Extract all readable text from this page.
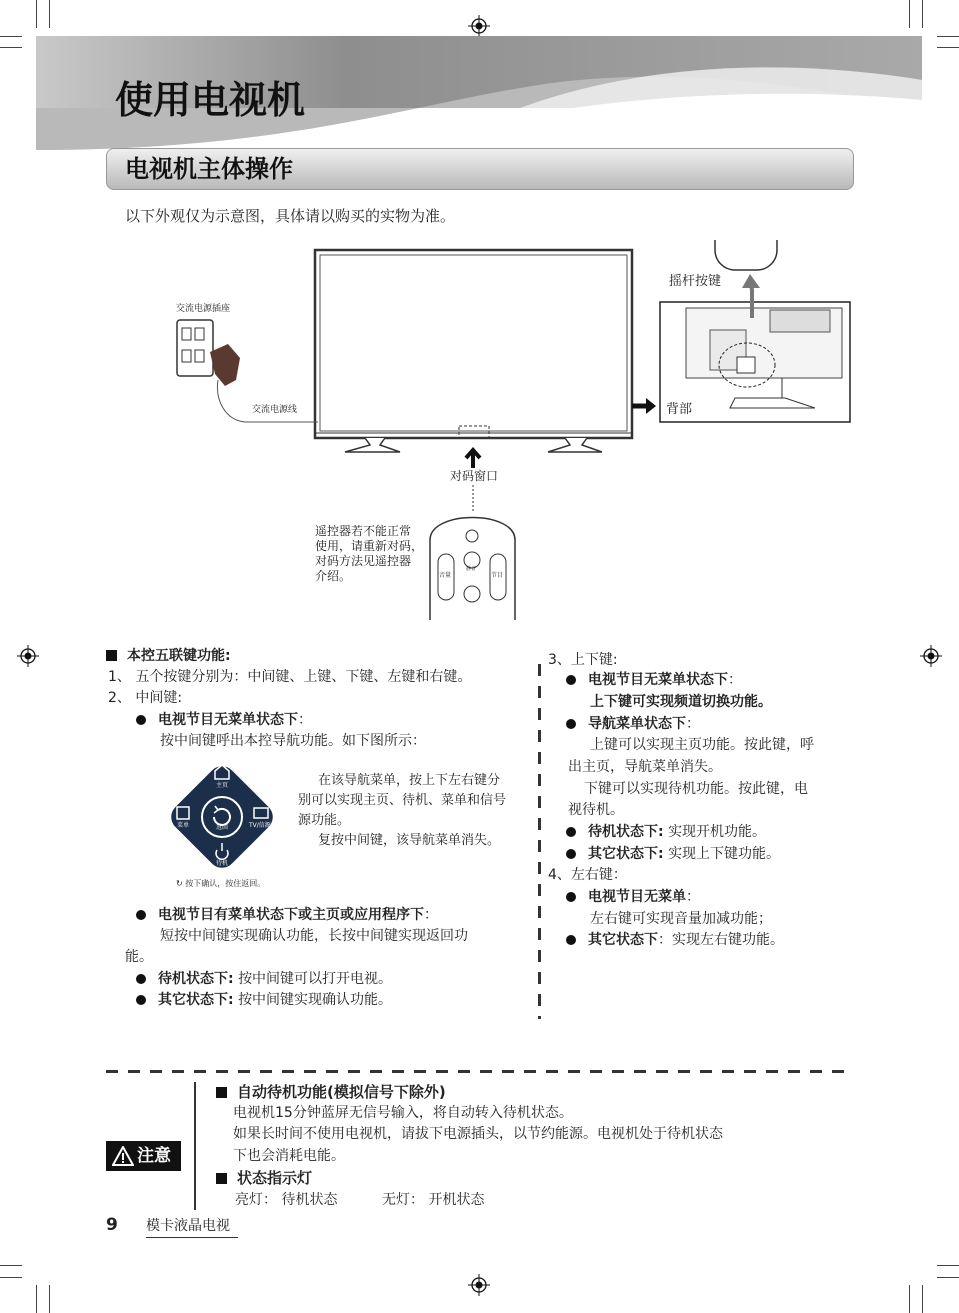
使用电视机
电视机主体操作
以下外观仅为示意图，具体请以购买的实物为准。
交流电源插座
交流电源线
对码窗口
摇杆按键
背部
遥控器若不能正常
使用，请重新对码，
对码方法见遥控器
介绍。	音量	节目
静音
本控五联键功能:
1、 五个按键分别为：中间键、上键、下键、左键和右键。
2、 中间键:
电视节目无菜单状态下：
按中间键呼出本控导航功能。如下图所示：
主页
菜单	返回	TV/信源
待机
↻ 按下确认，按住返回。
在该导航菜单，按上下左右键分
别可以实现主页、待机、菜单和信号
源功能。
复按中间键，该导航菜单消失。
电视节目有菜单状态下或主页或应用程序下：
短按中间键实现确认功能，长按中间键实现返回功
能。
待机状态下: 按中间键可以打开电视。
其它状态下: 按中间键实现确认功能。
3、上下键:
电视节目无菜单状态下：
上下键可实现频道切换功能。
导航菜单状态下：
上键可以实现主页功能。按此键，呼
出主页，导航菜单消失。
下键可以实现待机功能。按此键，电
视待机。
待机状态下: 实现开机功能。
其它状态下: 实现上下键功能。
4、左右键：
电视节目无菜单：
左右键可实现音量加减功能；
其它状态下：实现左右键功能。
注意
自动待机功能(模拟信号下除外)
电视机15分钟蓝屏无信号输入，将自动转入待机状态。
如果长时间不使用电视机，请拔下电源插头，以节约能源。电视机处于待机状态
下也会消耗电能。
状态指示灯
亮灯： 待机状态	无灯： 开机状态
9 模卡液晶电视
